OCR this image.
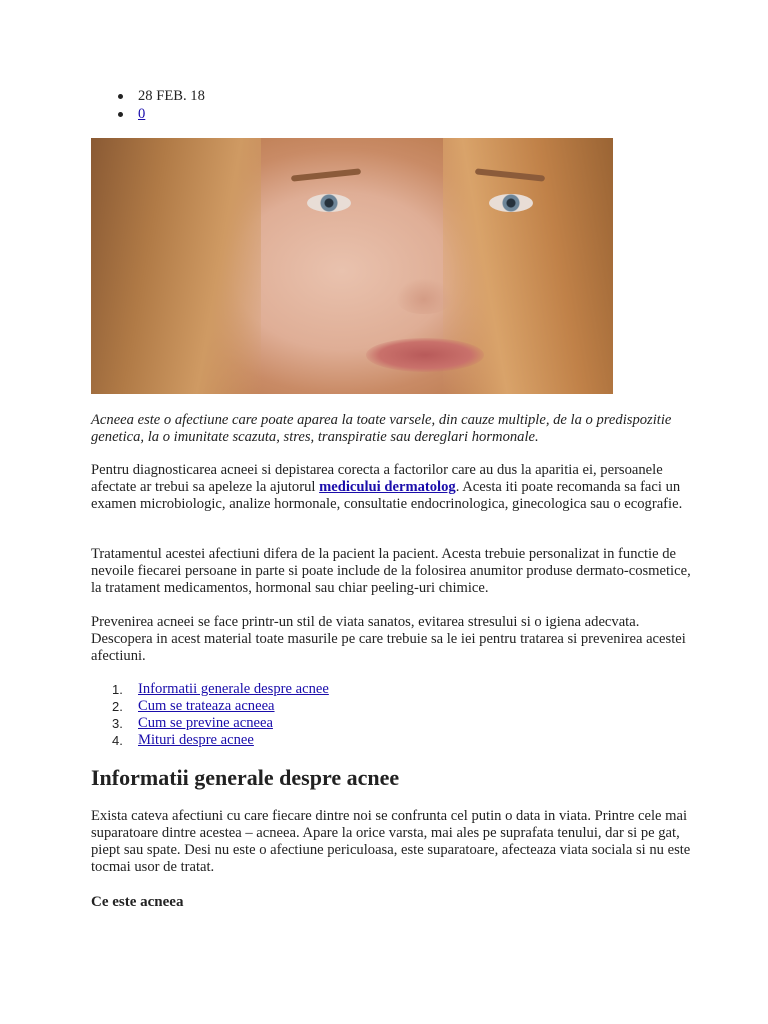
28 FEB. 18
0

Acneea este o afectiune care poate aparea la toate varsele, din cauze multiple, de la o predispozitie genetica, la o imunitate scazuta, stres, transpiratie sau dereglari hormonale.

Pentru diagnosticarea acneei si depistarea corecta a factorilor care au dus la aparitia ei, persoanele afectate ar trebui sa apeleze la ajutorul medicului dermatolog. Acesta iti poate recomanda sa faci un examen microbiologic, analize hormonale, consultatie endocrinologica, ginecologica sau o ecografie.

Tratamentul acestei afectiuni difera de la pacient la pacient. Acesta trebuie personalizat in functie de nevoile fiecarei persoane in parte si poate include de la folosirea anumitor produse dermato-cosmetice, la tratament medicamentos, hormonal sau chiar peeling-uri chimice.

Prevenirea acneei se face printr-un stil de viata sanatos, evitarea stresului si o igiena adecvata. Descopera in acest material toate masurile pe care trebuie sa le iei pentru tratarea si prevenirea acestei afectiuni.

1. Informatii generale despre acnee
2. Cum se trateaza acneea
3. Cum se previne acneea
4. Mituri despre acnee
Informatii generale despre acnee

Exista cateva afectiuni cu care fiecare dintre noi se confrunta cel putin o data in viata. Printre cele mai suparatoare dintre acestea – acneea. Apare la orice varsta, mai ales pe suprafata tenului, dar si pe gat, piept sau spate. Desi nu este o afectiune periculoasa, este suparatoare, afecteaza viata sociala si nu este tocmai usor de tratat.

Ce este acneea
